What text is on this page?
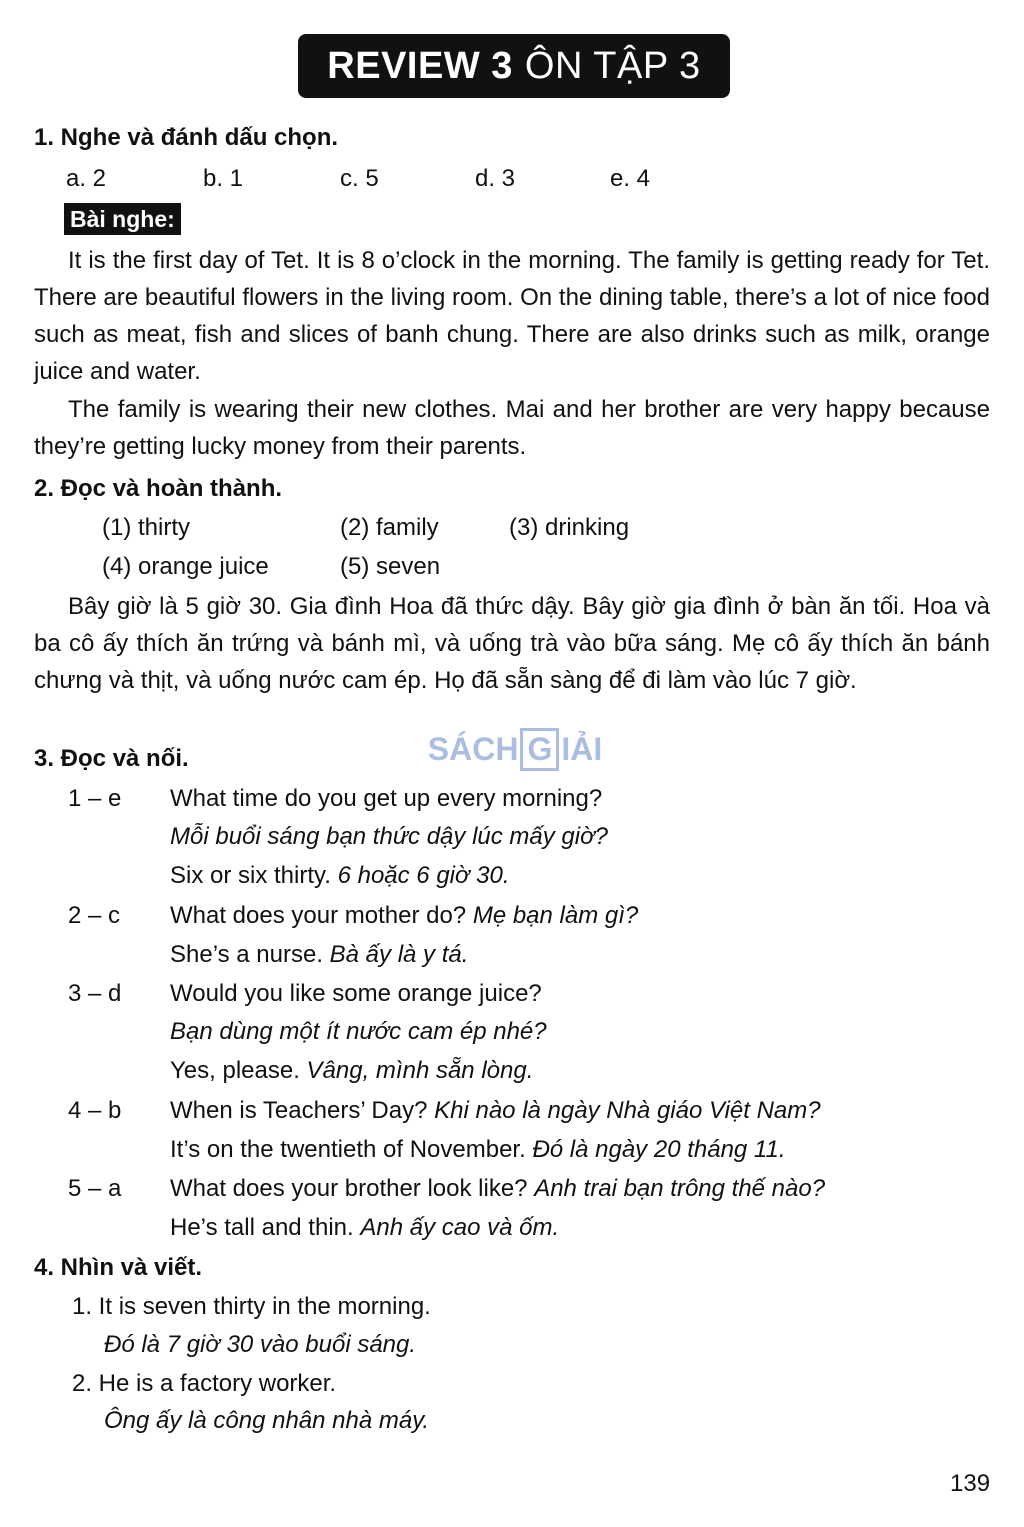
REVIEW 3 ÔN TẬP 3
1. Nghe và đánh dấu chọn.
a. 2	b. 1	c. 5	d. 3	e. 4
Bài nghe:

It is the first day of Tet. It is 8 o’clock in the morning. The family is getting ready for Tet. There are beautiful flowers in the living room. On the dining table, there’s a lot of nice food such as meat, fish and slices of banh chung. There are also drinks such as milk, orange juice and water.

The family is wearing their new clothes. Mai and her brother are very happy because they’re getting lucky money from their parents.

2. Đọc và hoàn thành.
(1) thirty	(2) family	(3) drinking
(4) orange juice	(5) seven

Bây giờ là 5 giờ 30. Gia đình Hoa đã thức dậy. Bây giờ gia đình ở bàn ăn tối. Hoa và ba cô ấy thích ăn trứng và bánh mì, và uống trà vào bữa sáng. Mẹ cô ấy thích ăn bánh chưng và thịt, và uống nước cam ép. Họ đã sẵn sàng để đi làm vào lúc 7 giờ.

SÁCH G IẢI
3. Đọc và nối.
1 – e What time do you get up every morning?
Mỗi buổi sáng bạn thức dậy lúc mấy giờ?
Six or six thirty. 6 hoặc 6 giờ 30.
2 – c What does your mother do? Mẹ bạn làm gì?
She’s a nurse. Bà ấy là y tá.
3 – d Would you like some orange juice?
Bạn dùng một ít nước cam ép nhé?
Yes, please. Vâng, mình sẵn lòng.
4 – b When is Teachers’ Day? Khi nào là ngày Nhà giáo Việt Nam?
It’s on the twentieth of November. Đó là ngày 20 tháng 11.
5 – a What does your brother look like? Anh trai bạn trông thế nào?
He’s tall and thin. Anh ấy cao và ốm.
4. Nhìn và viết.
1. It is seven thirty in the morning.
Đó là 7 giờ 30 vào buổi sáng.
2. He is a factory worker.
Ông ấy là công nhân nhà máy.
139
